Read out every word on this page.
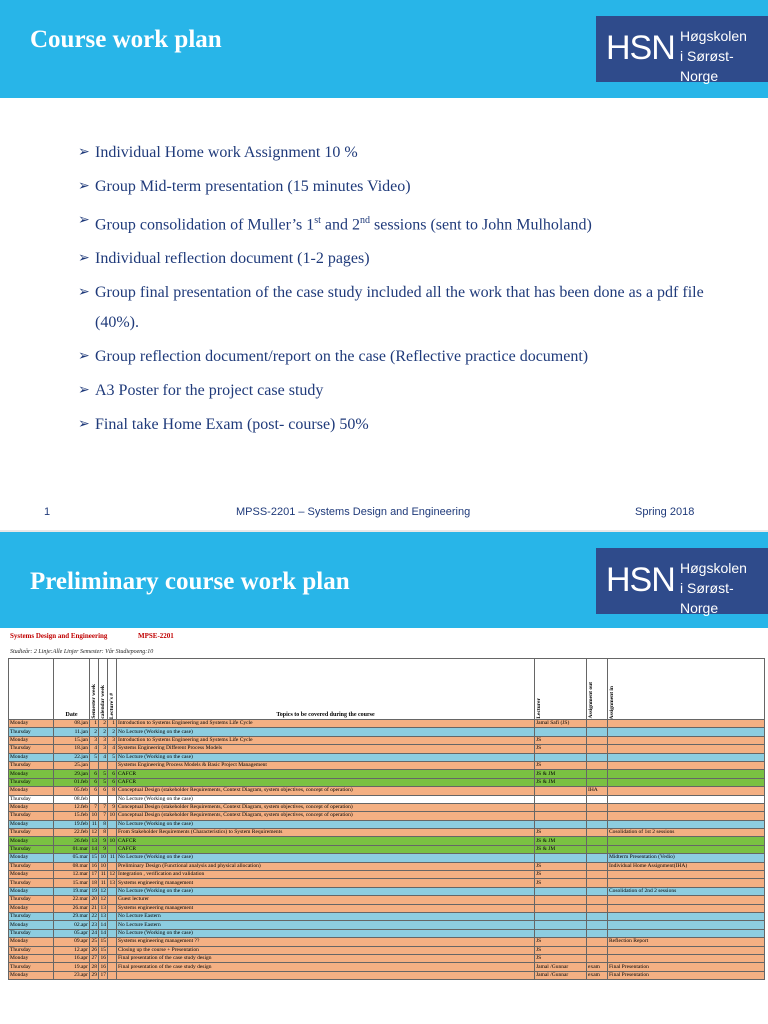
Course work plan	HSN Høgskolen
i Sørøst-Norge
➢ Individual Home work Assignment 10 %
➢ Group Mid-term presentation (15 minutes Video)
➢ Group consolidation of Muller’s 1st and 2nd sessions (sent to John Mulholand)
➢ Individual reflection document (1-2 pages)
➢ Group final presentation of the case study included all the work that has been done as a pdf file (40%).
➢ Group reflection document/report on the case (Reflective practice document)
➢ A3 Poster for the project case study
➢ Final take Home Exam (post- course) 50%
1	MPSS-2201 – Systems Design and Engineering	Spring 2018
Preliminary course work plan	HSN Høgskolen
i Sørøst-Norge
Systems Design and Engineering	MPSE-2201
Studieår: 2 Linje:Alle Linjer Semester: Vår Studiepoeng:10
	Date	Semester week	calendar week	Lecture's #	Topics to be covered during the course	Lecturer	Assignment out	Assignment in

Monday	08.jan	1	2	1	Introduction to Systems Engineering and Systems Life Cycle	Jamal Safi (JS)		
Thursday	11.jan	2	2	2	No Lecture (Working on the case)			
Monday	15.jan	3	3	3	Introduction to Systems Engineering and Systems Life Cycle	JS		
Thursday	18.jan	4	3	4	Systems Engineering Different Process Models	JS		
Monday	22.jan	5	4	5	No Lecture (Working on the case)			
Thursday	25.jan				Systems Engineering Process Models & Basic Project Management	JS		
Monday	29.jan	6	5	6	CAFCR	JS & JM		
Thursday	01.feb	6	5	6	CAFCR	JS & JM		
Monday	05.feb	6	6	8	Conceptual Design (stakeholder Requirements, Context Diagram, system objectives, concept of operation)		IHA	
Thursday	08.feb				No Lecture (Working on the case)			
Monday	12.feb	7	7	9	Conceptual Design (stakeholder Requirements, Context Diagram, system objectives, concept of operation)			
Thursday	15.feb	10	7	10	Conceptual Design (stakeholder Requirements, Context Diagram, system objectives, concept of operation)			
Monday	19.feb	11	8		No Lecture (Working on the case)			
Thursday	22.feb	12	8		From Stakeholder Requirements (Characteristics) to System Requirements	JS		Cosolidation of 1st 2 sessions
Monday	26.feb	13	9	10	CAFCR	JS & JM		
Thursday	01.mar	14	9		CAFCR	JS & JM		
Monday	05.mar	15	10	11	No Lecture (Working on the case)			Midterm Presentation (Vedio)
Thursday	08.mar	16	10		Preliminary Design (Functional analysis and physical allocation)	JS		Individual Home Assignment(IHA)
Monday	12.mar	17	11	12	Integration , verification and validation	JS		
Thursday	15.mar	18	11	13	Systems engineering management	JS		
Monday	19.mar	19	12		No Lecture (Working on the case)			Cosolidation of 2nd 2 sessions
Thursday	22.mar	20	12		Guest lecturer			
Monday	26.mar	21	13		Systems engineering management			
Thursday	29.mar	22	13		No Lecture Eastern			
Monday	02.apr	23	14		No Lecture Eastern			
Thursday	05.apr	24	14		No Lecture (Working on the case)			
Monday	09.apr	25	15		Systems engineering management ??	JS		Reflection Report
Thursday	12.apr	26	15		Closing up the course + Presentation	JS		
Monday	16.apr	27	16		Final presentation of the case study design	JS		
Thursday	19.apr	28	16		Final presentation of the case study design	Jamal /Gunnar	exam	Final Presentation
Monday	23.apr	29	17			Jamal /Gunnar	exam	Final Presentation
